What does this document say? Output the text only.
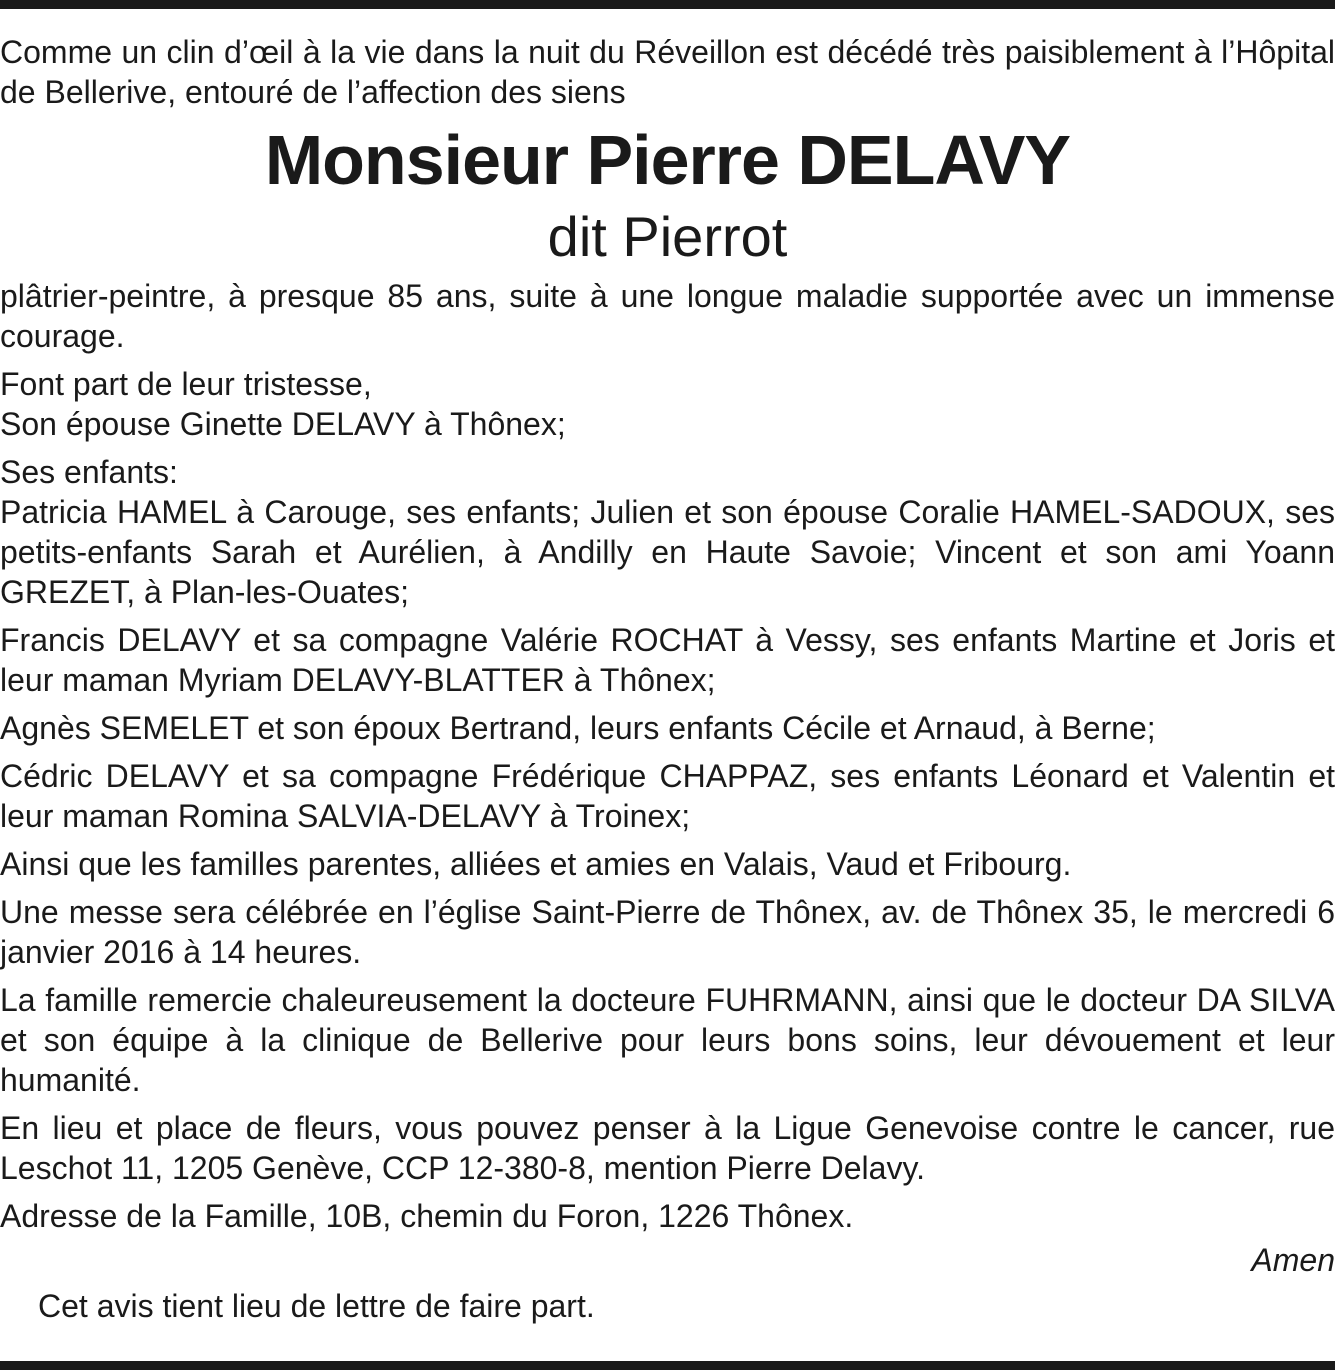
Comme un clin d’œil à la vie dans la nuit du Réveillon est décédé très paisiblement à l’Hôpital de Bellerive, entouré de l’affection des siens

Monsieur Pierre DELAVY
dit Pierrot

plâtrier-peintre, à presque 85 ans, suite à une longue maladie supportée avec un immense courage.

Font part de leur tristesse,

Son épouse Ginette DELAVY à Thônex;

Ses enfants:

Patricia HAMEL à Carouge, ses enfants; Julien et son épouse Coralie HAMEL-SADOUX, ses petits-enfants Sarah et Aurélien, à Andilly en Haute Savoie; Vincent et son ami Yoann GREZET, à Plan-les-Ouates;

Francis DELAVY et sa compagne Valérie ROCHAT à Vessy, ses enfants Martine et Joris et leur maman Myriam DELAVY-BLATTER à Thônex;

Agnès SEMELET et son époux Bertrand, leurs enfants Cécile et Arnaud, à Berne;

Cédric DELAVY et sa compagne Frédérique CHAPPAZ, ses enfants Léonard et Valentin et leur maman Romina SALVIA-DELAVY à Troinex;

Ainsi que les familles parentes, alliées et amies en Valais, Vaud et Fribourg.

Une messe sera célébrée en l’église Saint-Pierre de Thônex, av. de Thônex 35, le mercredi 6 janvier 2016 à 14 heures.

La famille remercie chaleureusement la docteure FUHRMANN, ainsi que le docteur DA SILVA et son équipe à la clinique de Bellerive pour leurs bons soins, leur dévouement et leur humanité.

En lieu et place de fleurs, vous pouvez penser à la Ligue Genevoise contre le cancer, rue Leschot 11, 1205 Genève, CCP 12-380-8, mention Pierre Delavy.

Adresse de la Famille, 10B, chemin du Foron, 1226 Thônex.

Amen

Cet avis tient lieu de lettre de faire part.
